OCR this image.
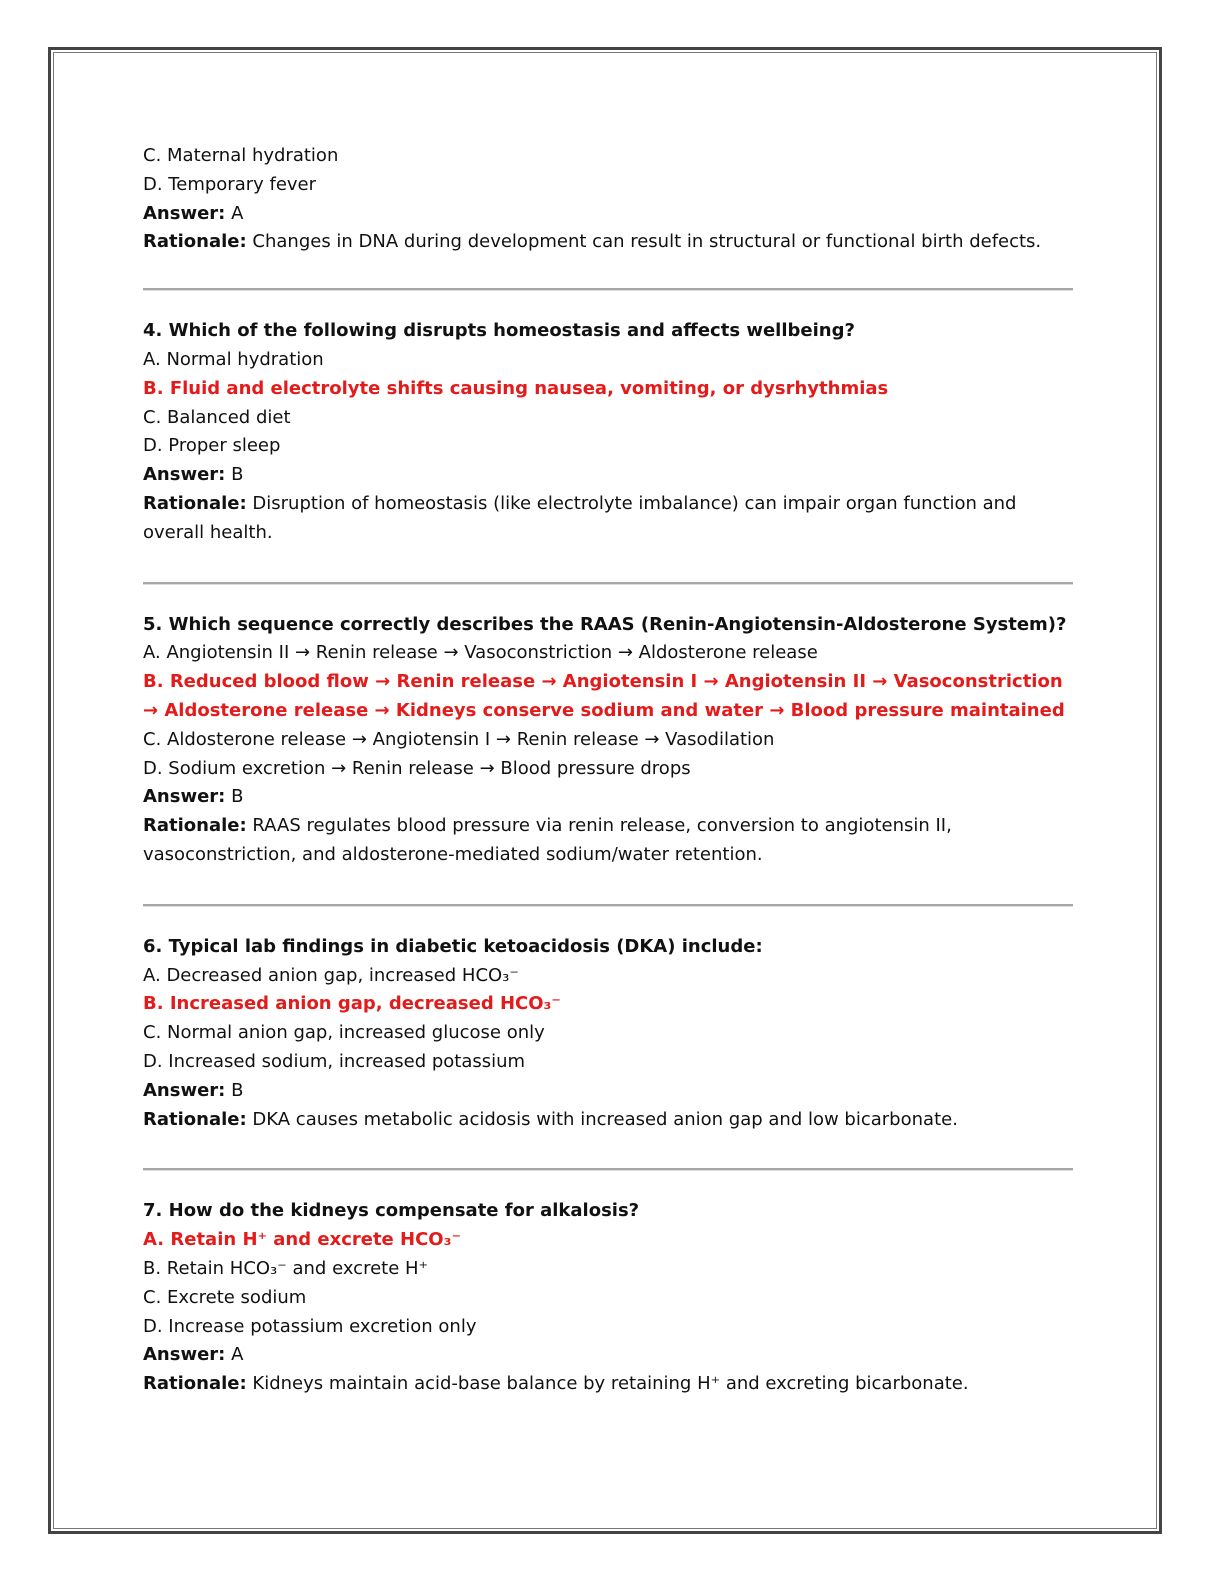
C. Maternal hydration

D. Temporary fever

Answer: A

Rationale: Changes in DNA during development can result in structural or functional birth defects.

4. Which of the following disrupts homeostasis and affects wellbeing?

A. Normal hydration

B. Fluid and electrolyte shifts causing nausea, vomiting, or dysrhythmias

C. Balanced diet

D. Proper sleep

Answer: B

Rationale: Disruption of homeostasis (like electrolyte imbalance) can impair organ function and overall health.

5. Which sequence correctly describes the RAAS (Renin-Angiotensin-Aldosterone System)?

A. Angiotensin II → Renin release → Vasoconstriction → Aldosterone release

B. Reduced blood flow → Renin release → Angiotensin I → Angiotensin II → Vasoconstriction → Aldosterone release → Kidneys conserve sodium and water → Blood pressure maintained

C. Aldosterone release → Angiotensin I → Renin release → Vasodilation

D. Sodium excretion → Renin release → Blood pressure drops

Answer: B

Rationale: RAAS regulates blood pressure via renin release, conversion to angiotensin II, vasoconstriction, and aldosterone-mediated sodium/water retention.

6. Typical lab findings in diabetic ketoacidosis (DKA) include:

A. Decreased anion gap, increased HCO₃⁻

B. Increased anion gap, decreased HCO₃⁻

C. Normal anion gap, increased glucose only

D. Increased sodium, increased potassium

Answer: B

Rationale: DKA causes metabolic acidosis with increased anion gap and low bicarbonate.

7. How do the kidneys compensate for alkalosis?

A. Retain H⁺ and excrete HCO₃⁻

B. Retain HCO₃⁻ and excrete H⁺

C. Excrete sodium

D. Increase potassium excretion only

Answer: A

Rationale: Kidneys maintain acid-base balance by retaining H⁺ and excreting bicarbonate.
